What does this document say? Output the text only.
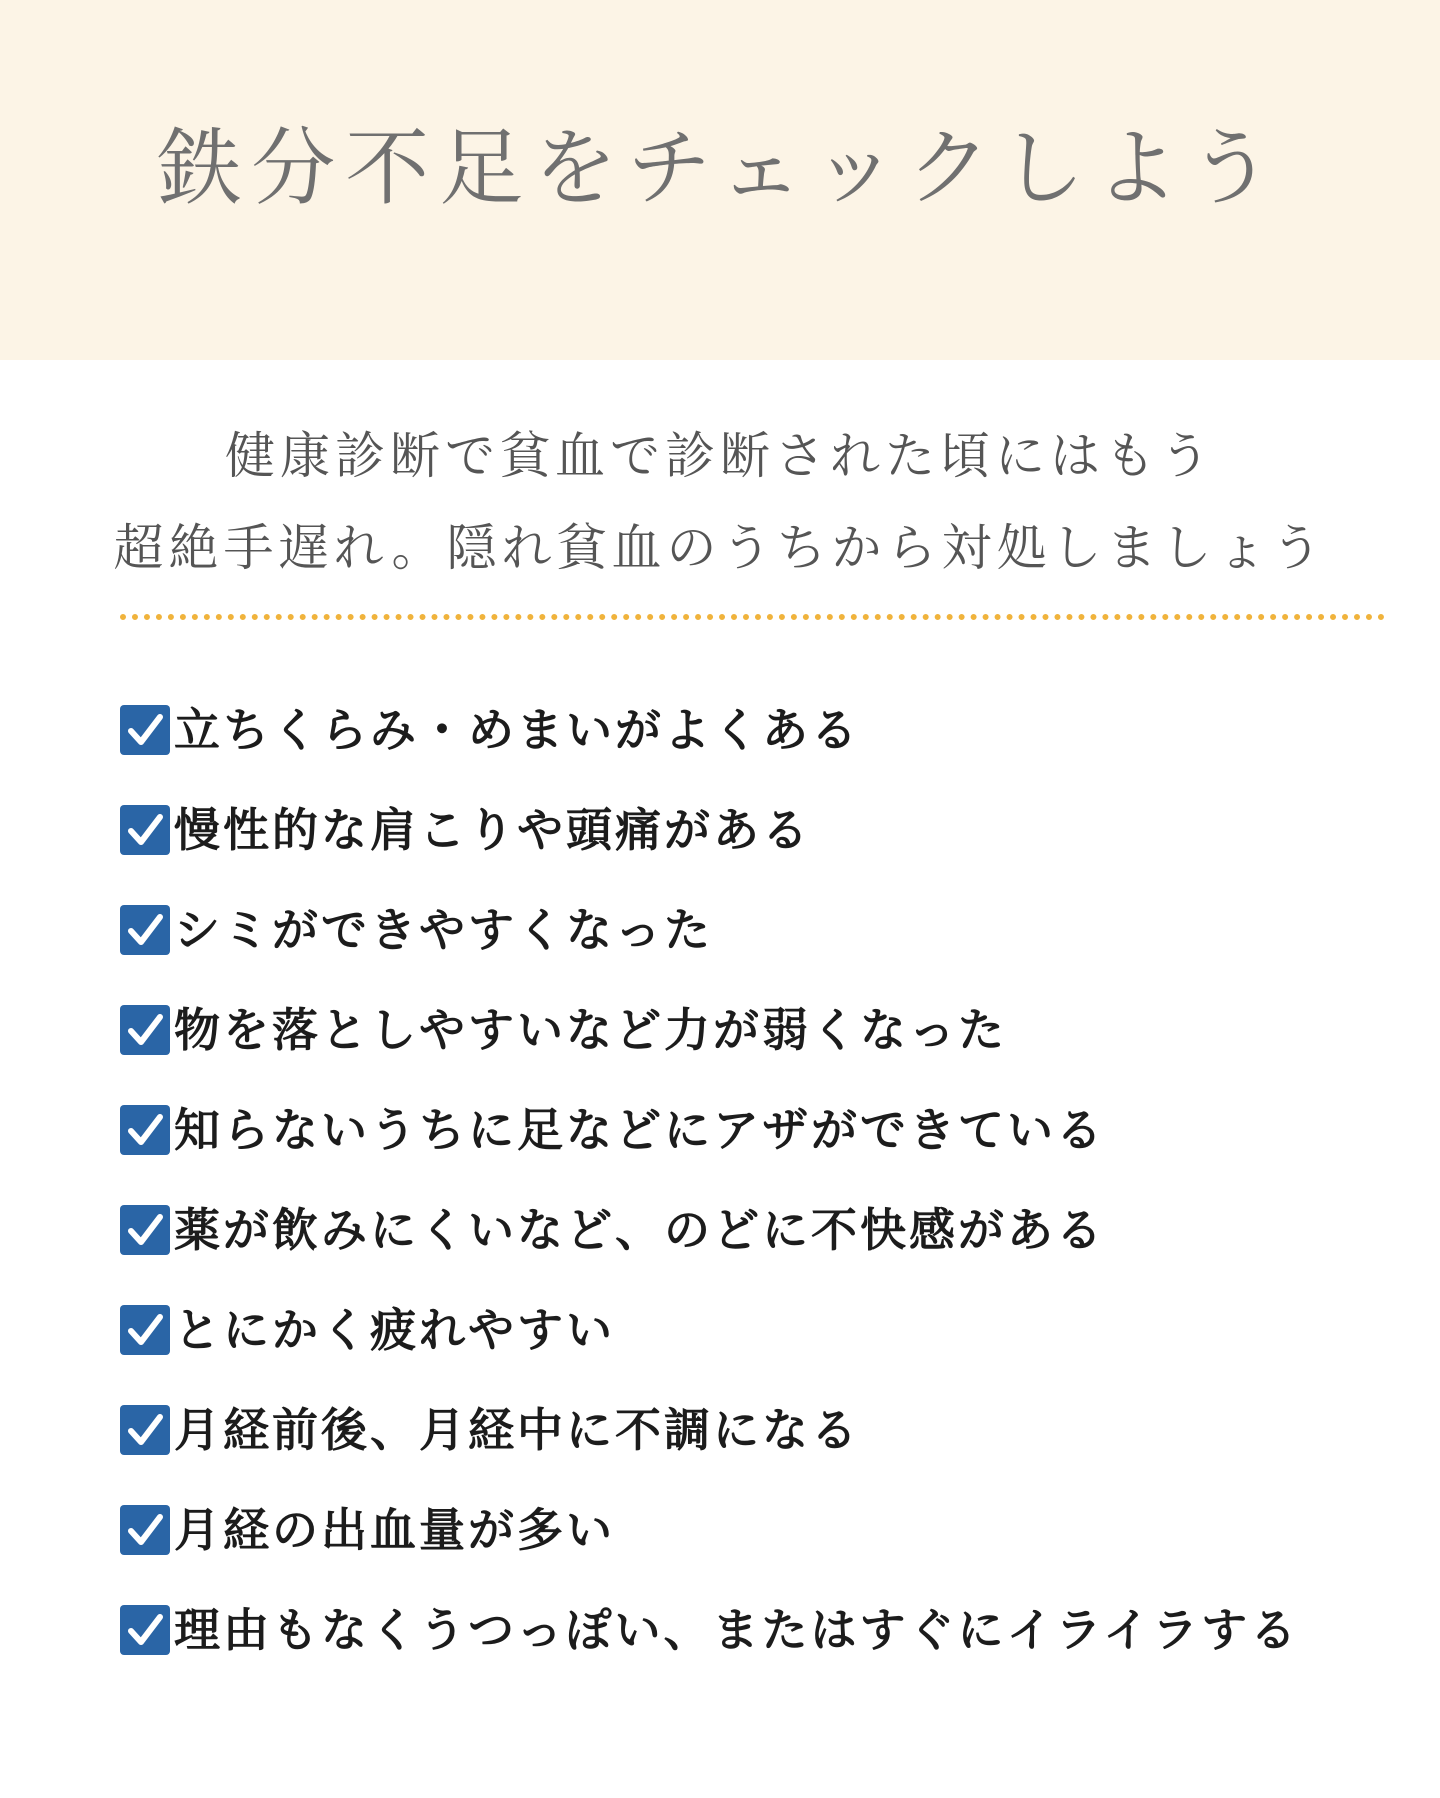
鉄分不足をチェックしよう
健康診断で貧血で診断された頃にはもう
超絶手遅れ。隠れ貧血のうちから対処しましょう
立ちくらみ・めまいがよくある
慢性的な肩こりや頭痛がある
シミができやすくなった
物を落としやすいなど力が弱くなった
知らないうちに足などにアザができている
薬が飲みにくいなど、のどに不快感がある
とにかく疲れやすい
月経前後、月経中に不調になる
月経の出血量が多い
理由もなくうつっぽい、またはすぐにイライラする
